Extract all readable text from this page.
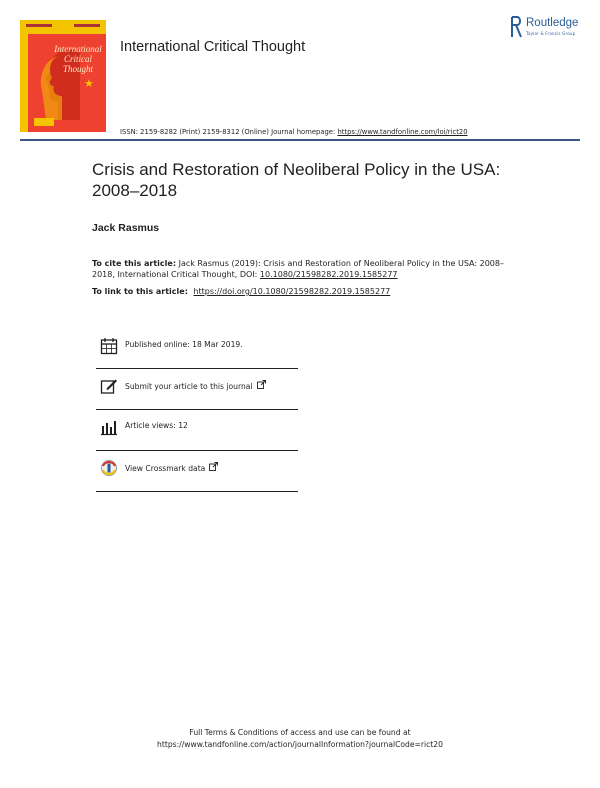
International Critical Thought
★
International Critical Thought
Routledge
Taylor & Francis Group
ISSN: 2159-8282 (Print) 2159-8312 (Online) Journal homepage: https://www.tandfonline.com/loi/rict20
Crisis and Restoration of Neoliberal Policy in the USA: 2008–2018
Jack Rasmus
To cite this article: Jack Rasmus (2019): Crisis and Restoration of Neoliberal Policy in the USA: 2008–2018, International Critical Thought, DOI: 10.1080/21598282.2019.1585277
To link to this article: https://doi.org/10.1080/21598282.2019.1585277
Published online: 18 Mar 2019.
Submit your article to this journal
Article views: 12
View Crossmark data
Full Terms & Conditions of access and use can be found at
https://www.tandfonline.com/action/journalInformation?journalCode=rict20
